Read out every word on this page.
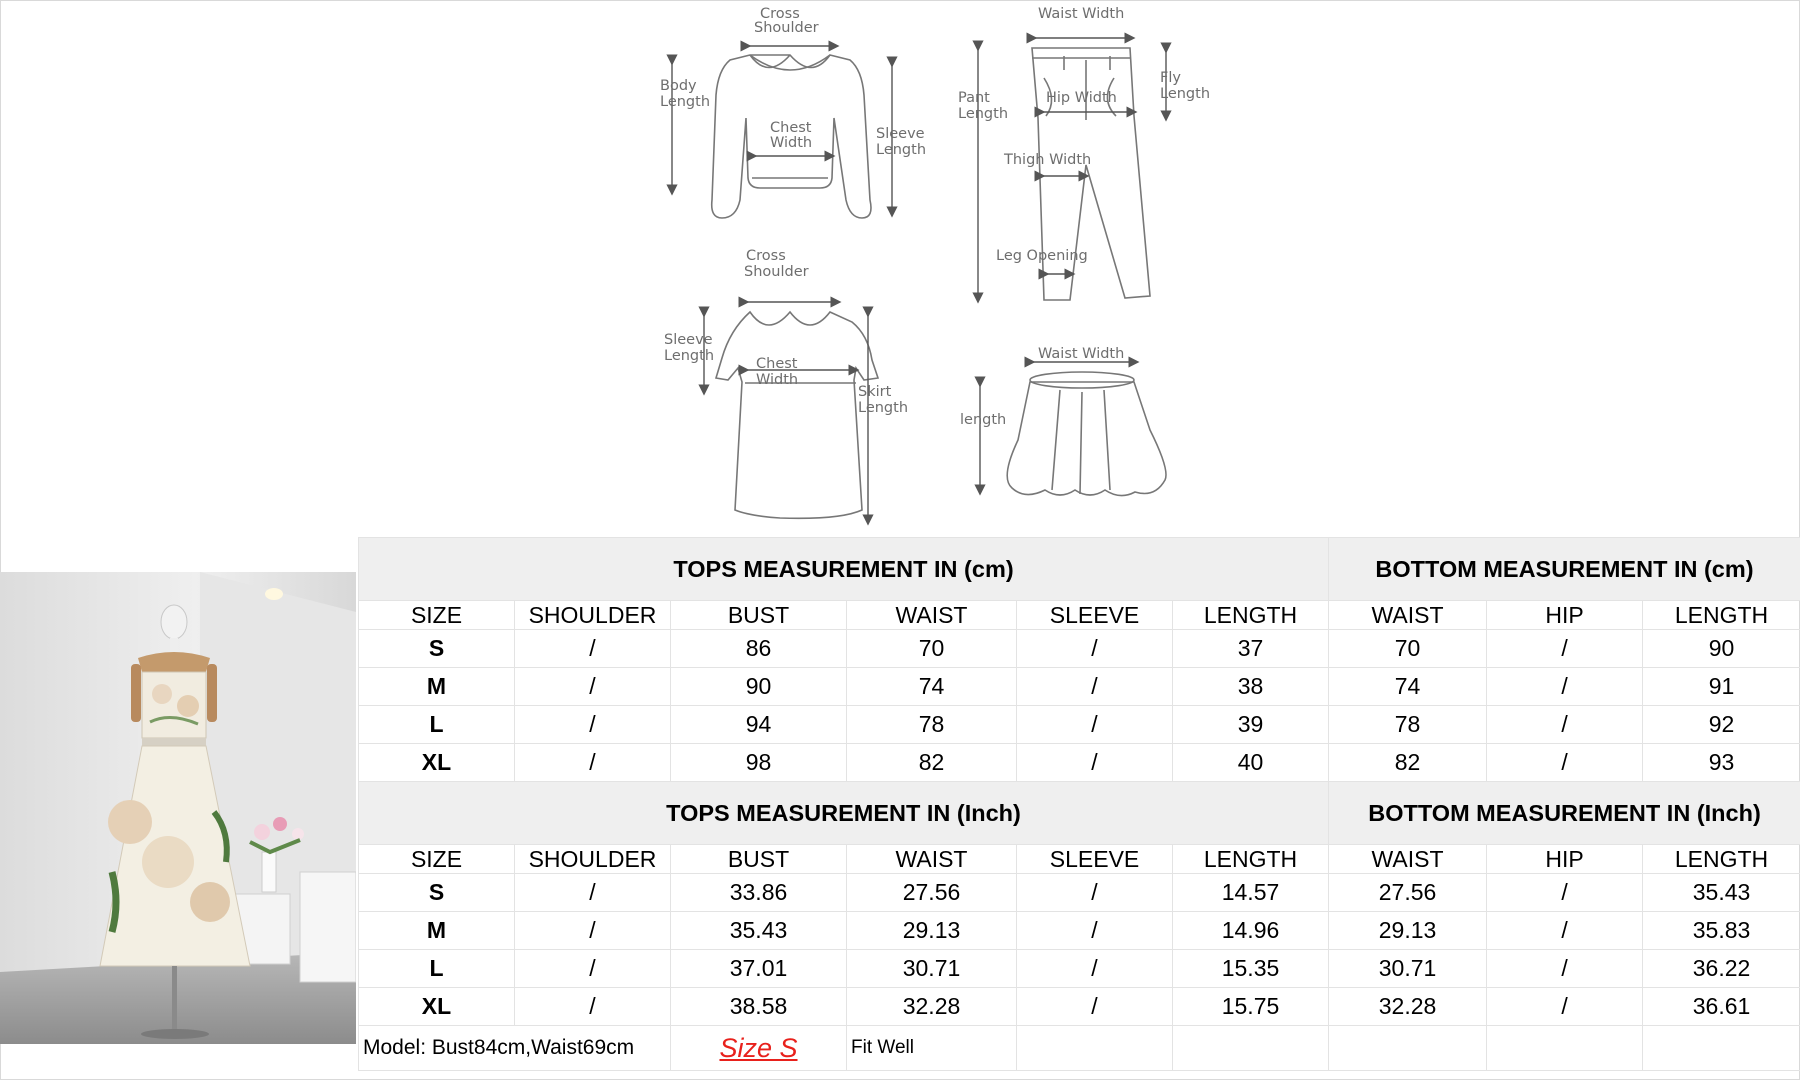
Cross
Shoulder
Body
Length
Chest
Width
Sleeve
Length
Waist Width
Pant
Length
Hip Width
Fly
Length
Thigh Width
Leg Opening
Cross
Shoulder
Sleeve
Length	Chest
Width
Skirt
Length
Waist Width
length
TOPS MEASUREMENT IN (cm)						BOTTOM MEASUREMENT IN (cm)		
SIZE	SHOULDER	BUST	WAIST	SLEEVE	LENGTH	WAIST	HIP	LENGTH
S	/	86	70	/	37	70	/	90
M	/	90	74	/	38	74	/	91
L	/	94	78	/	39	78	/	92
XL	/	98	82	/	40	82	/	93
TOPS MEASUREMENT IN (Inch)						BOTTOM MEASUREMENT IN (Inch)		
SIZE	SHOULDER	BUST	WAIST	SLEEVE	LENGTH	WAIST	HIP	LENGTH
S	/	33.86	27.56	/	14.57	27.56	/	35.43
M	/	35.43	29.13	/	14.96	29.13	/	35.83
L	/	37.01	30.71	/	15.35	30.71	/	36.22
XL	/	38.58	32.28	/	15.75	32.28	/	36.61
Model: Bust84cm,Waist69cm		Size S	Fit Well					
